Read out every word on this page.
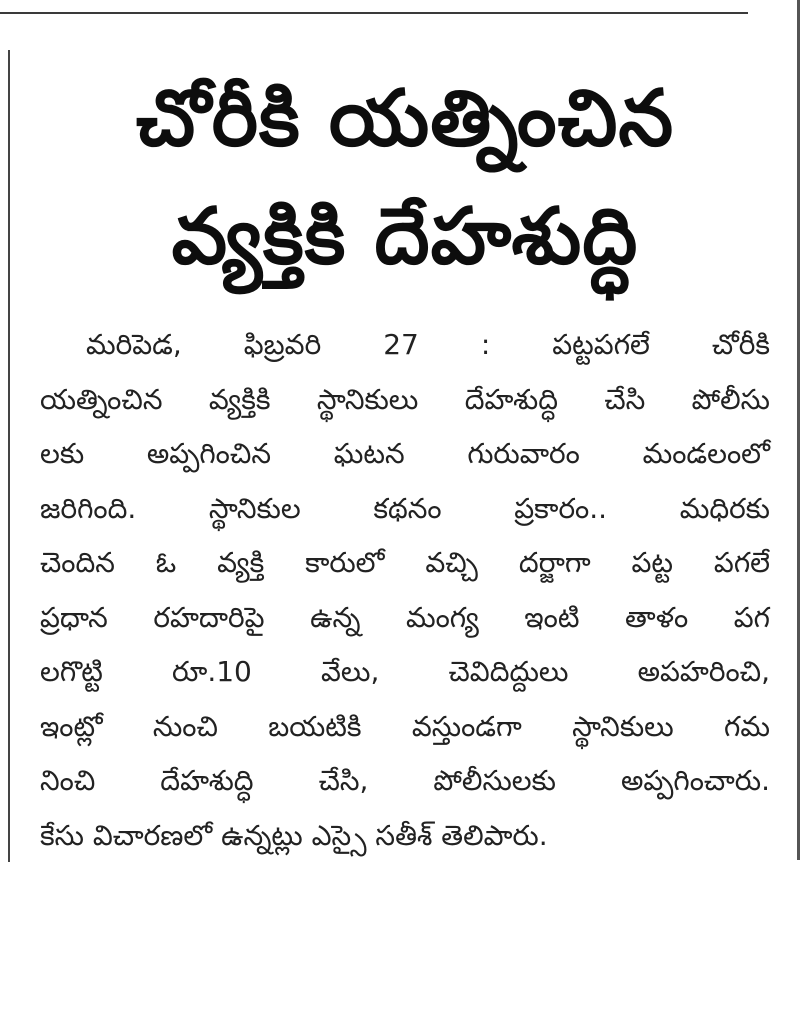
చోరీకి యత్నించిన
వ్యక్తికి దేహశుద్ధి
మరిపెడ, ఫిబ్రవరి 27 : పట్టపగలే చోరీకి
యత్నించిన వ్యక్తికి స్థానికులు దేహశుద్ధి చేసి పోలీసు
లకు అప్పగించిన ఘటన గురువారం మండలంలో
జరిగింది. స్థానికుల కథనం ప్రకారం.. మధిరకు
చెందిన ఓ వ్యక్తి కారులో వచ్చి దర్జాగా పట్ట పగలే
ప్రధాన రహదారిపై ఉన్న మంగ్య ఇంటి తాళం పగ
లగొట్టి రూ.10 వేలు, చెవిదిద్దులు అపహరించి,
ఇంట్లో నుంచి బయటికి వస్తుండగా స్థానికులు గమ
నించి దేహశుద్ధి చేసి, పోలీసులకు అప్పగించారు.
కేసు విచారణలో ఉన్నట్లు ఎస్సై సతీశ్ తెలిపారు.
